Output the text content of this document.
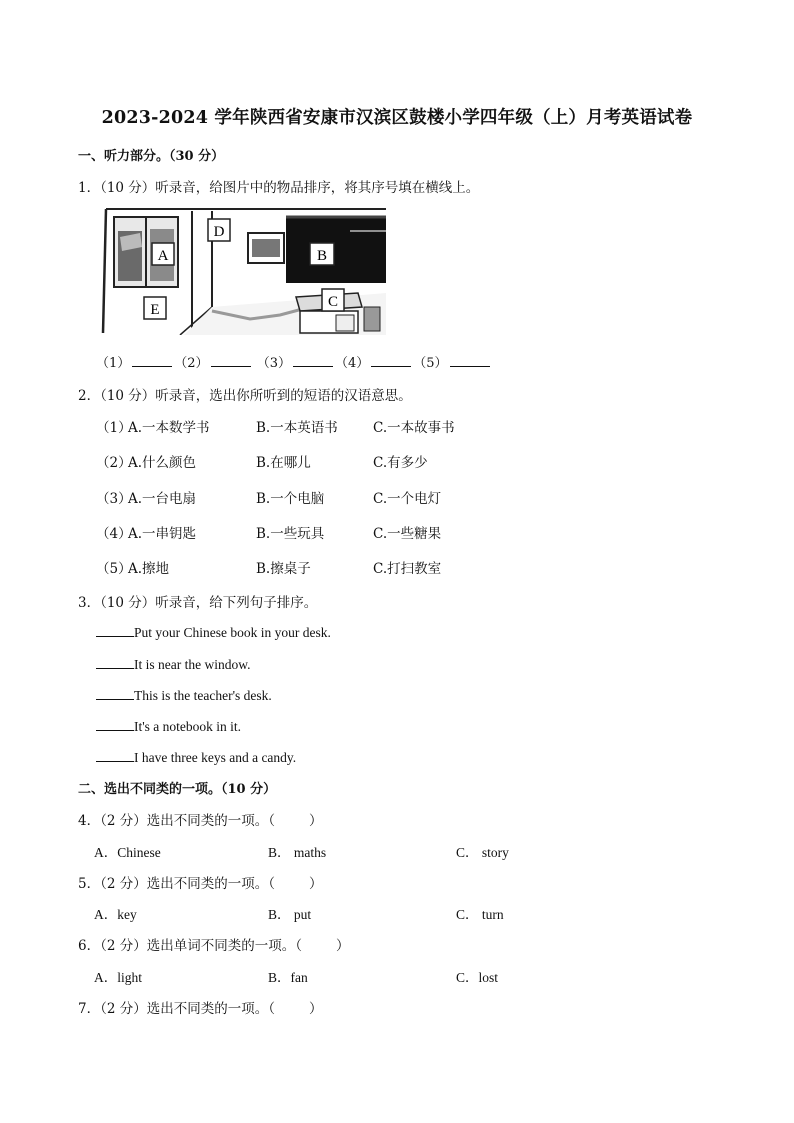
2023-2024 学年陕西省安康市汉滨区鼓楼小学四年级（上）月考英语试卷
一、听力部分。（30 分）
1．（10 分）听录音，给图片中的物品排序，将其序号填在横线上。
A	B
C
D
E
（1）	（2）	（3）	（4）	（5）
2．（10 分）听录音，选出你所听到的短语的汉语意思。
（1）
A.一本数学书	B.一本英语书	C.一本故事书
（2）
A.什么颜色	B.在哪儿	C.有多少
（3）
A.一台电扇	B.一个电脑	C.一个电灯
（4）
A.一串钥匙	B.一些玩具	C.一些糖果
（5）
A.擦地	B.擦桌子	C.打扫教室
3．（10 分）听录音，给下列句子排序。
Put your Chinese book in your desk.
It is near the window.
This is the teacher's desk.
It's a notebook in it.
I have three keys and a candy.
二、选出不同类的一项。（10 分）
4．（2 分）选出不同类的一项。（	）
A．Chinese	B． maths	C． story
5．（2 分）选出不同类的一项。（	）
A．key	B． put	C． turn
6．（2 分）选出单词不同类的一项。（	）
A．light	B．fan	C．lost
7．（2 分）选出不同类的一项。（	）
